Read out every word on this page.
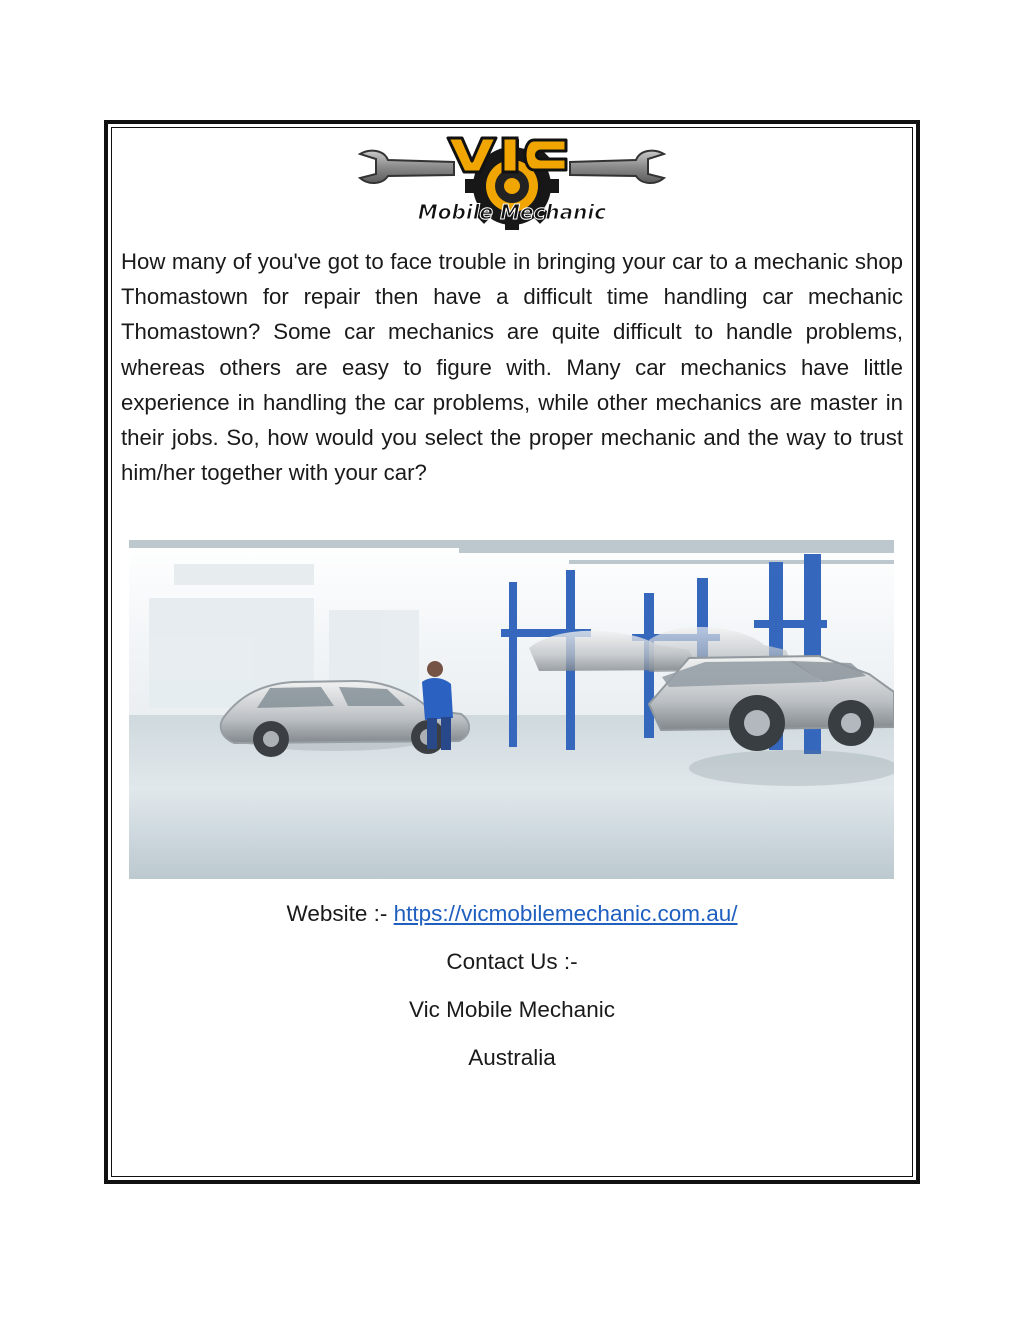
Mobile Mechanic

How many of you've got to face trouble in bringing your car to a mechanic shop Thomastown for repair then have a difficult time handling car mechanic Thomastown? Some car mechanics are quite difficult to handle problems, whereas others are easy to figure with. Many car mechanics have little experience in handling the car problems, while other mechanics are master in their jobs. So, how would you select the proper mechanic and the way to trust him/her together with your car?

Website :- https://vicmobilemechanic.com.au/
Contact Us :-
Vic Mobile Mechanic
Australia
